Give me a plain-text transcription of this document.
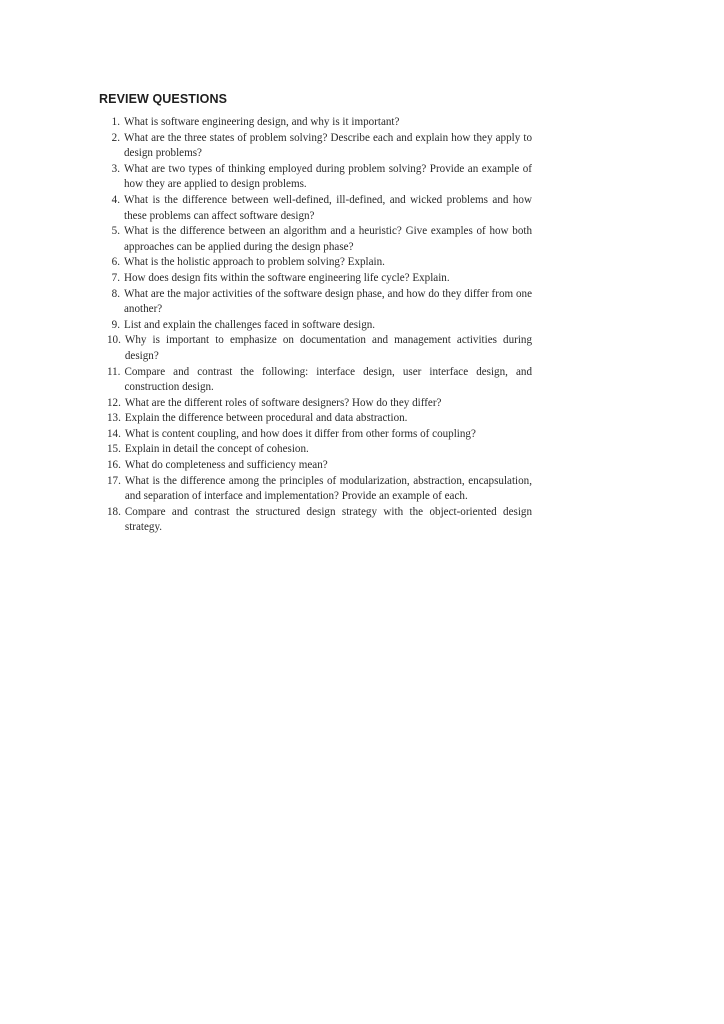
REVIEW QUESTIONS
1. What is software engineering design, and why is it important?
2. What are the three states of problem solving? Describe each and explain how they apply to design problems?
3. What are two types of thinking employed during problem solving? Provide an example of how they are applied to design problems.
4. What is the difference between well-defined, ill-defined, and wicked problems and how these problems can affect software design?
5. What is the difference between an algorithm and a heuristic? Give examples of how both approaches can be applied during the design phase?
6. What is the holistic approach to problem solving? Explain.
7. How does design fits within the software engineering life cycle? Explain.
8. What are the major activities of the software design phase, and how do they differ from one another?
9. List and explain the challenges faced in software design.
10. Why is important to emphasize on documentation and management activities during design?
11. Compare and contrast the following: interface design, user interface design, and construction design.
12. What are the different roles of software designers? How do they differ?
13. Explain the difference between procedural and data abstraction.
14. What is content coupling, and how does it differ from other forms of coupling?
15. Explain in detail the concept of cohesion.
16. What do completeness and sufficiency mean?
17. What is the difference among the principles of modularization, abstraction, encapsulation, and separation of interface and implementation? Provide an example of each.
18. Compare and contrast the structured design strategy with the object-oriented design strategy.
